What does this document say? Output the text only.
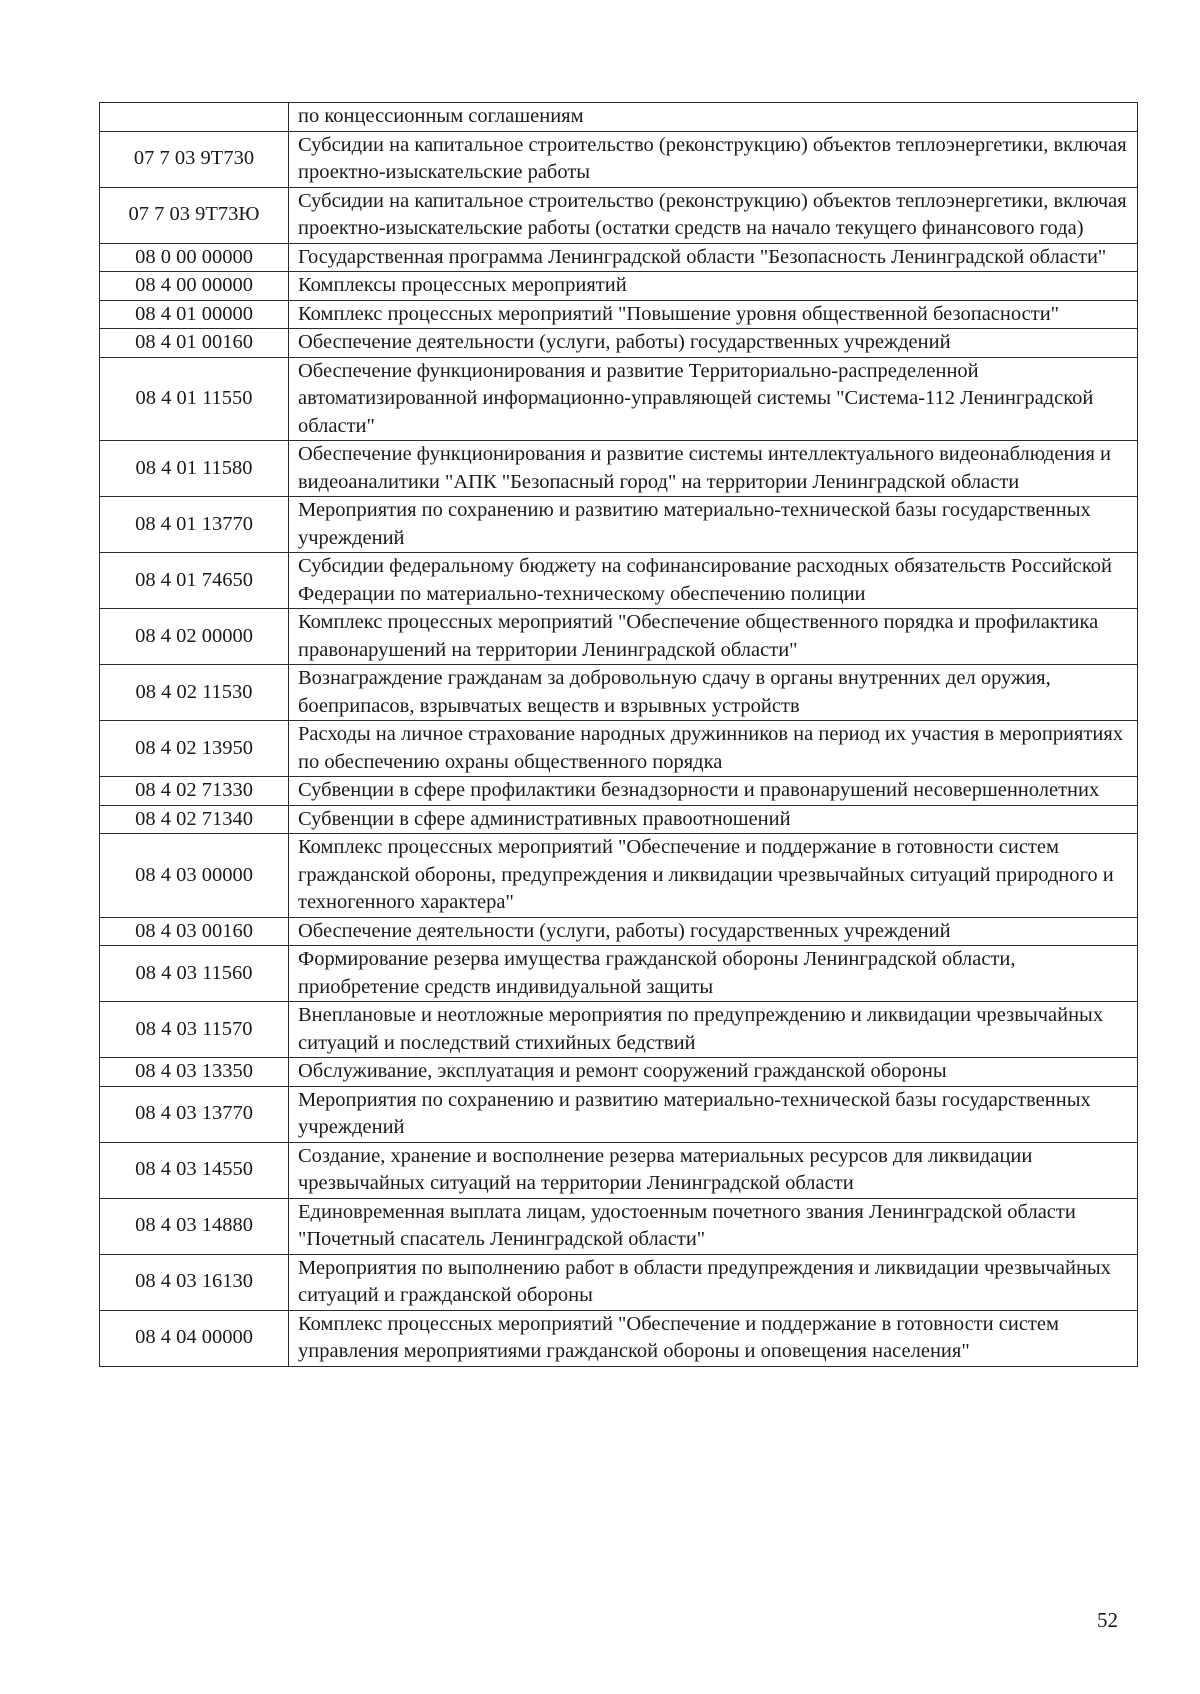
	по концессионным соглашениям
07 7 03 9Т730	Субсидии на капитальное строительство (реконструкцию) объектов теплоэнергетики, включая проектно-изыскательские работы
07 7 03 9Т73Ю	Субсидии на капитальное строительство (реконструкцию) объектов теплоэнергетики, включая проектно-изыскательские работы (остатки средств на начало текущего финансового года)
08 0 00 00000	Государственная программа Ленинградской области "Безопасность Ленинградской области"
08 4 00 00000	Комплексы процессных мероприятий
08 4 01 00000	Комплекс процессных мероприятий "Повышение уровня общественной безопасности"
08 4 01 00160	Обеспечение деятельности (услуги, работы) государственных учреждений
08 4 01 11550	Обеспечение функционирования и развитие Территориально-распределенной автоматизированной информационно-управляющей системы "Система-112 Ленинградской области"
08 4 01 11580	Обеспечение функционирования и развитие системы интеллектуального видеонаблюдения и видеоаналитики "АПК "Безопасный город" на территории Ленинградской области
08 4 01 13770	Мероприятия по сохранению и развитию материально-технической базы государственных учреждений
08 4 01 74650	Субсидии федеральному бюджету на софинансирование расходных обязательств Российской Федерации по материально-техническому обеспечению полиции
08 4 02 00000	Комплекс процессных мероприятий "Обеспечение общественного порядка и профилактика правонарушений на территории Ленинградской области"
08 4 02 11530	Вознаграждение гражданам за добровольную сдачу в органы внутренних дел оружия, боеприпасов, взрывчатых веществ и взрывных устройств
08 4 02 13950	Расходы на личное страхование народных дружинников на период их участия в мероприятиях по обеспечению охраны общественного порядка
08 4 02 71330	Субвенции в сфере профилактики безнадзорности и правонарушений несовершеннолетних
08 4 02 71340	Субвенции в сфере административных правоотношений
08 4 03 00000	Комплекс процессных мероприятий "Обеспечение и поддержание в готовности систем гражданской обороны, предупреждения и ликвидации чрезвычайных ситуаций природного и техногенного характера"
08 4 03 00160	Обеспечение деятельности (услуги, работы) государственных учреждений
08 4 03 11560	Формирование резерва имущества гражданской обороны Ленинградской области, приобретение средств индивидуальной защиты
08 4 03 11570	Внеплановые и неотложные мероприятия по предупреждению и ликвидации чрезвычайных ситуаций и последствий стихийных бедствий
08 4 03 13350	Обслуживание, эксплуатация и ремонт сооружений гражданской обороны
08 4 03 13770	Мероприятия по сохранению и развитию материально-технической базы государственных учреждений
08 4 03 14550	Создание, хранение и восполнение резерва материальных ресурсов для ликвидации чрезвычайных ситуаций на территории Ленинградской области
08 4 03 14880	Единовременная выплата лицам, удостоенным почетного звания Ленинградской области "Почетный спасатель Ленинградской области"
08 4 03 16130	Мероприятия по выполнению работ в области предупреждения и ликвидации чрезвычайных ситуаций и гражданской обороны
08 4 04 00000	Комплекс процессных мероприятий "Обеспечение и поддержание в готовности систем управления мероприятиями гражданской обороны и оповещения населения"
52
